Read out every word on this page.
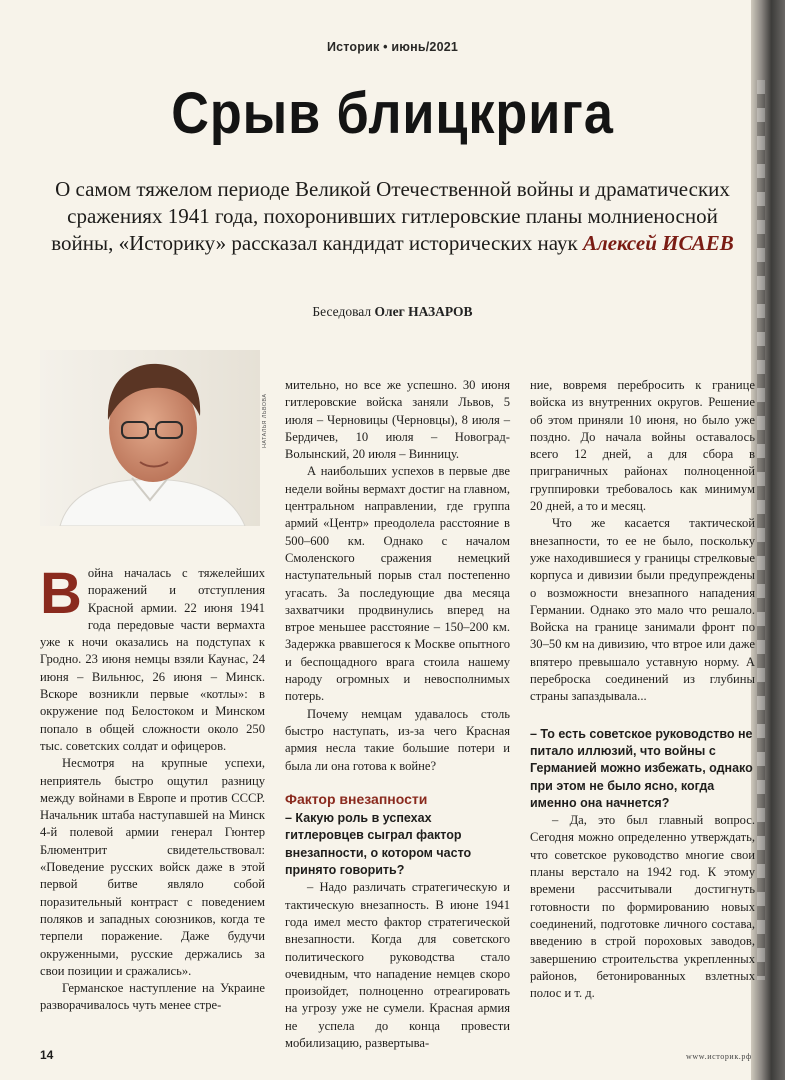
Историк • июнь/2021
Срыв блицкрига
О самом тяжелом периоде Великой Отечественной войны и драматических сражениях 1941 года, похоронивших гитлеровские планы молниеносной войны, «Историку» рассказал кандидат исторических наук Алексей ИСАЕВ
Беседовал Олег НАЗАРОВ
НАТАЛЬЯ ЛЬВОВА

В ойна началась с тяжелейших поражений и отступления Красной армии. 22 июня 1941 года передовые части вермахта уже к ночи оказались на подступах к Гродно. 23 июня немцы взяли Каунас, 24 июня – Вильнюс, 26 июня – Минск. Вскоре возникли первые «котлы»: в окружение под Белостоком и Минском попало в общей сложности около 250 тыс. советских солдат и офицеров.

Несмотря на крупные успехи, неприятель быстро ощутил разницу между войнами в Европе и против СССР. Начальник штаба наступавшей на Минск 4-й полевой армии генерал Гюнтер Блюментрит свидетельствовал: «Поведение русских войск даже в этой первой битве являло собой поразительный контраст с поведением поляков и западных союзников, когда те терпели поражение. Даже будучи окруженными, русские держались за свои позиции и сражались».

Германское наступление на Украине разворачивалось чуть менее стре-

мительно, но все же успешно. 30 июня гитлеровские войска заняли Львов, 5 июля – Черновицы (Черновцы), 8 июля – Бердичев, 10 июля – Новоград-Волынский, 20 июля – Винницу.

А наибольших успехов в первые две недели войны вермахт достиг на главном, центральном направлении, где группа армий «Центр» преодолела расстояние в 500–600 км. Однако с началом Смоленского сражения немецкий наступательный порыв стал постепенно угасать. За последующие два месяца захватчики продвинулись вперед на втрое меньшее расстояние – 150–200 км. Задержка рвавшегося к Москве опытного и беспощадного врага стоила нашему народу огромных и невосполнимых потерь.

Почему немцам удавалось столь быстро наступать, из-за чего Красная армия несла такие большие потери и была ли она готова к войне?

Фактор внезапности

– Какую роль в успехах гитлеровцев сыграл фактор внезапности, о котором часто принято говорить?

– Надо различать стратегическую и тактическую внезапность. В июне 1941 года имел место фактор стратегической внезапности. Когда для советского политического руководства стало очевидным, что нападение немцев скоро произойдет, полноценно отреагировать на угрозу уже не сумели. Красная армия не успела до конца провести мобилизацию, развертыва-

ние, вовремя перебросить к границе войска из внутренних округов. Решение об этом приняли 10 июня, но было уже поздно. До начала войны оставалось всего 12 дней, а для сбора в приграничных районах полноценной группировки требовалось как минимум 20 дней, а то и месяц.

Что же касается тактической внезапности, то ее не было, поскольку уже находившиеся у границы стрелковые корпуса и дивизии были предупреждены о возможности внезапного нападения Германии. Однако это мало что решало. Войска на границе занимали фронт по 30–50 км на дивизию, что втрое или даже впятеро превышало уставную норму. А переброска соединений из глубины страны запаздывала...

– То есть советское руководство не питало иллюзий, что войны с Германией можно избежать, однако при этом не было ясно, когда именно она начнется?

– Да, это был главный вопрос. Сегодня можно определенно утверждать, что советское руководство многие свои планы верстало на 1942 год. К этому времени рассчитывали достигнуть готовности по формированию новых соединений, подготовке личного состава, введению в строй пороховых заводов, завершению строительства укрепленных районов, бетонированных взлетных полос и т. д.

14	www.историк.рф
